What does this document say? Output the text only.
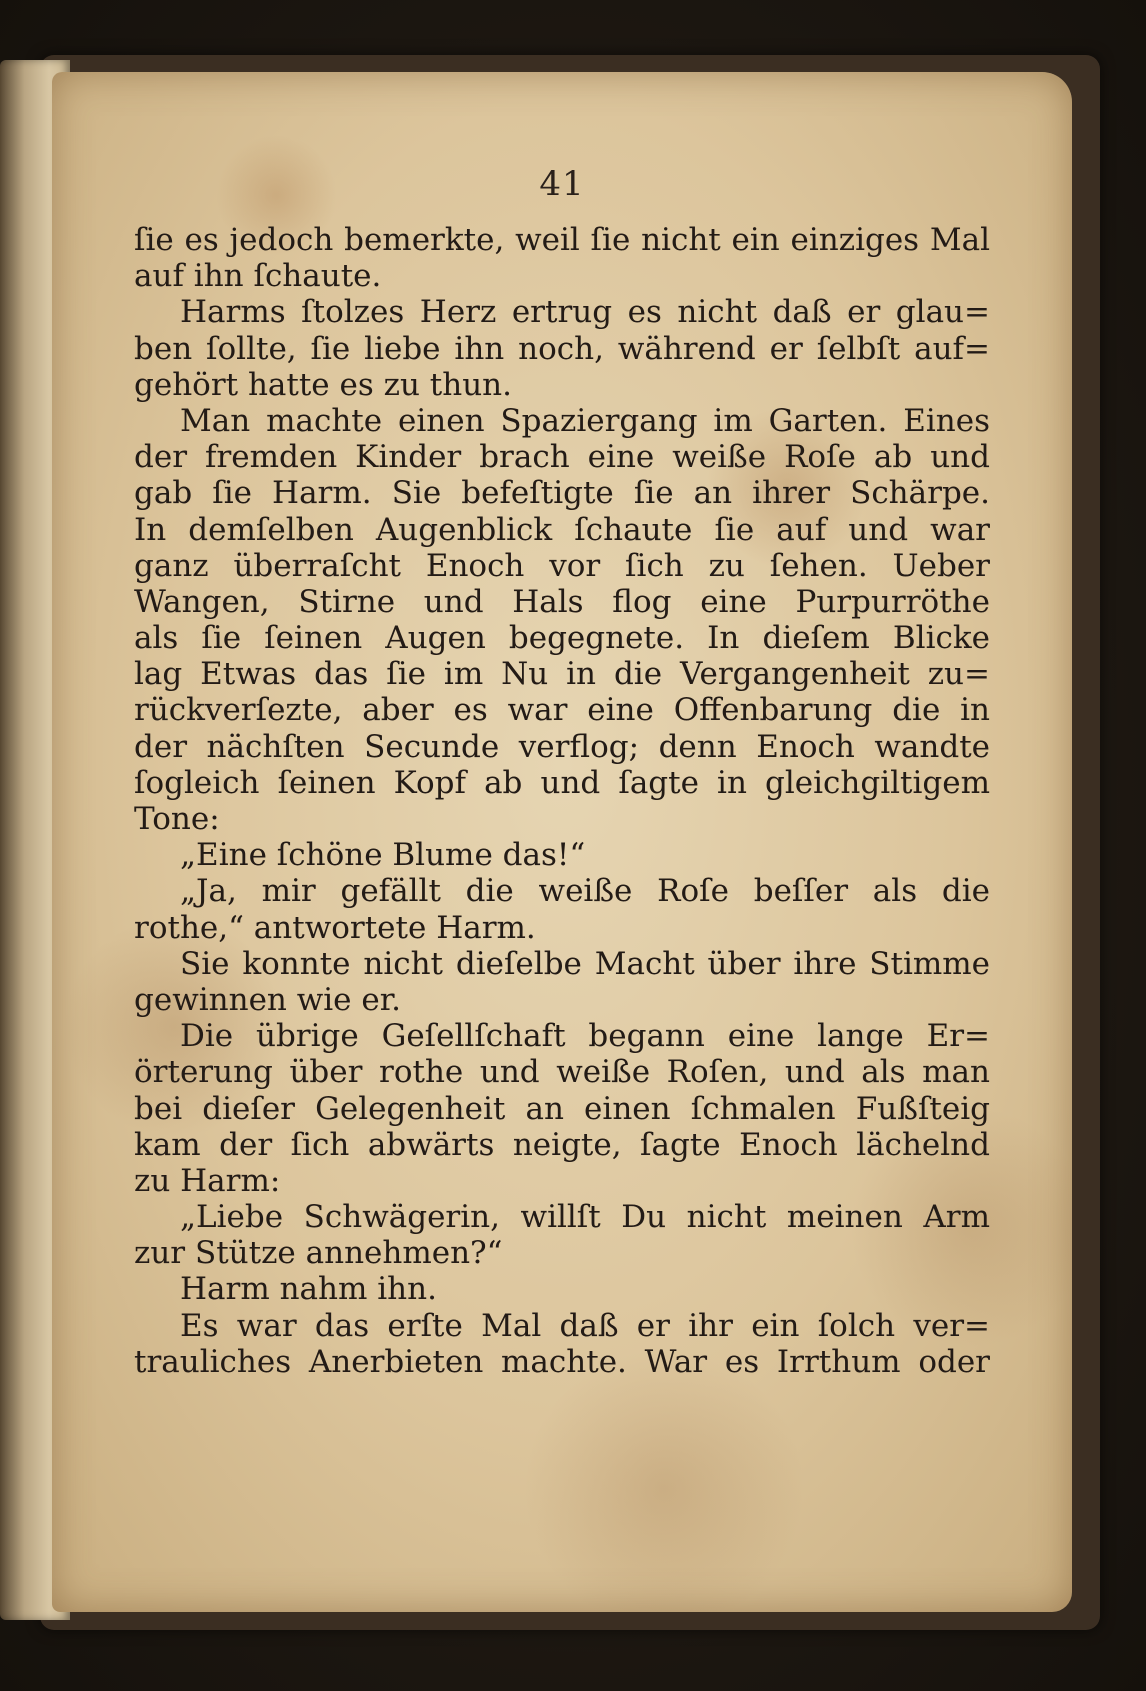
41
ſie es jedoch bemerkte, weil ſie nicht ein einziges Mal
auf ihn ſchaute.
Harms ſtolzes Herz ertrug es nicht daß er glau=
ben ſollte, ſie liebe ihn noch, während er ſelbſt auf=
gehört hatte es zu thun.
Man machte einen Spaziergang im Garten. Eines
der fremden Kinder brach eine weiße Roſe ab und
gab ſie Harm. Sie befeſtigte ſie an ihrer Schärpe.
In demſelben Augenblick ſchaute ſie auf und war
ganz überraſcht Enoch vor ſich zu ſehen. Ueber
Wangen, Stirne und Hals flog eine Purpurröthe
als ſie ſeinen Augen begegnete. In dieſem Blicke
lag Etwas das ſie im Nu in die Vergangenheit zu=
rückverſezte, aber es war eine Offenbarung die in
der nächſten Secunde verflog; denn Enoch wandte
ſogleich ſeinen Kopf ab und ſagte in gleichgiltigem
Tone:
„Eine ſchöne Blume das!“
„Ja, mir gefällt die weiße Roſe beſſer als die
rothe,“ antwortete Harm.
Sie konnte nicht dieſelbe Macht über ihre Stimme
gewinnen wie er.
Die übrige Geſellſchaft begann eine lange Er=
örterung über rothe und weiße Roſen, und als man
bei dieſer Gelegenheit an einen ſchmalen Fußſteig
kam der ſich abwärts neigte, ſagte Enoch lächelnd
zu Harm:
„Liebe Schwägerin, willſt Du nicht meinen Arm
zur Stütze annehmen?“
Harm nahm ihn.
Es war das erſte Mal daß er ihr ein ſolch ver=
trauliches Anerbieten machte. War es Irrthum oder
